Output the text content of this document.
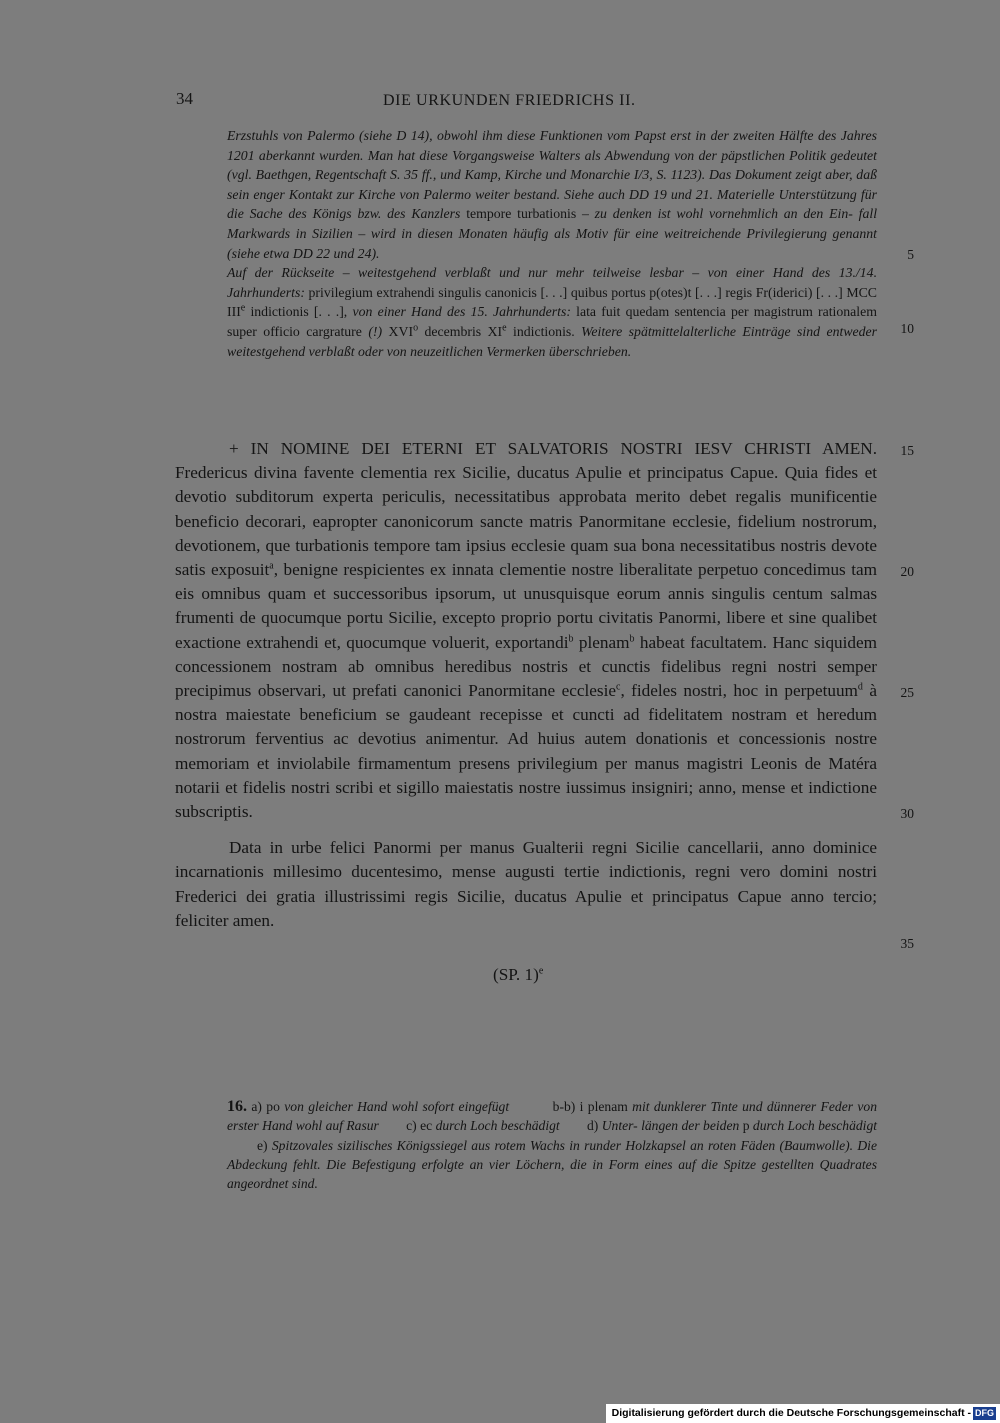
34	DIE URKUNDEN FRIEDRICHS II.

Erzstuhls von Palermo (siehe D 14), obwohl ihm diese Funktionen vom Papst erst in der zweiten Hälfte des Jahres 1201 aberkannt wurden. Man hat diese Vorgangsweise Walters als Abwendung von der päpstlichen Politik gedeutet (vgl. Baethgen, Regentschaft S. 35 ff., und Kamp, Kirche und Monarchie I/3, S. 1123). Das Dokument zeigt aber, daß sein enger Kontakt zur Kirche von Palermo weiter bestand. Siehe auch DD 19 und 21. Materielle Unterstützung für die Sache des Königs bzw. des Kanzlers tempore turbationis – zu denken ist wohl vornehmlich an den Ein- fall Markwards in Sizilien – wird in diesen Monaten häufig als Motiv für eine weitreichende Privilegierung genannt (siehe etwa DD 22 und 24).

Auf der Rückseite – weitestgehend verblaßt und nur mehr teilweise lesbar – von einer Hand des 13./14. Jahrhunderts: privilegium extrahendi singulis canonicis [. . .] quibus portus p(otes)t [. . .] regis Fr(iderici) [. . .] MCC IIIe indictionis [. . .], von einer Hand des 15. Jahrhunderts: lata fuit quedam sentencia per magistrum rationalem super officio cargrature (!) XVI$^o$ decembris XIe indictionis. Weitere spätmittelalterliche Einträge sind entweder weitestgehend verblaßt oder von neuzeitlichen Vermerken überschrieben.

+ IN NOMINE DEI ETERNI ET SALVATORIS NOSTRI IESV CHRISTI AMEN. Fredericus divina favente clementia rex Sicilie, ducatus Apulie et principatus Capue. Quia fides et devotio subditorum experta periculis, necessitatibus approbata merito debet regalis munificentie beneficio decorari, eapropter canonicorum sancte matris Panormitane ecclesie, fidelium nostrorum, devotionem, que turbationis tempore tam ipsius ecclesie quam sua bona necessitatibus nostris devote satis exposuit$^a$, benigne respicientes ex innata clementie nostre liberalitate perpetuo concedimus tam eis omnibus quam et successoribus ipsorum, ut unusquisque eorum annis singulis centum salmas frumenti de quocumque portu Sicilie, excepto proprio portu civitatis Panormi, libere et sine qualibet exactione extrahendi et, quocumque voluerit, exportandi$^b$ plenam$^b$ habeat facultatem. Hanc siquidem concessionem nostram ab omnibus heredibus nostris et cunctis fidelibus regni nostri semper precipimus observari, ut prefati canonici Panormitane ecclesie$^c$, fideles nostri, hoc in perpetuum$^d$ à nostra maiestate beneficium se gaudeant recepisse et cuncti ad fidelitatem nostram et heredum nostrorum ferventius ac devotius animentur. Ad huius autem donationis et concessionis nostre memoriam et inviolabile firmamentum presens privilegium per manus magistri Leonis de Matéra notarii et fidelis nostri scribi et sigillo maiestatis nostre iussimus insigniri; anno, mense et indictione subscriptis.

Data in urbe felici Panormi per manus Gualterii regni Sicilie cancellarii, anno dominice incarnationis millesimo ducentesimo, mense augusti tertie indictionis, regni vero domini nostri Frederici dei gratia illustrissimi regis Sicilie, ducatus Apulie et principatus Capue anno tercio; feliciter amen.

(SP. 1)$^e$
5
10
15
20
25
30
35

16. a) po von gleicher Hand wohl sofort eingefügt	b-b) i plenam mit dunklerer Tinte und dünnerer Feder von erster Hand wohl auf Rasur c) ec durch Loch beschädigt d) Unter- längen der beiden p durch Loch beschädigt        e) Spitzovales sizilisches Königssiegel aus rotem Wachs in runder Holzkapsel an roten Fäden (Baumwolle). Die Abdeckung fehlt. Die Befestigung erfolgte an vier Löchern, die in Form eines auf die Spitze gestellten Quadrates angeordnet sind.

Digitalisierung gefördert durch die Deutsche Forschungsgemeinschaft - DFG
